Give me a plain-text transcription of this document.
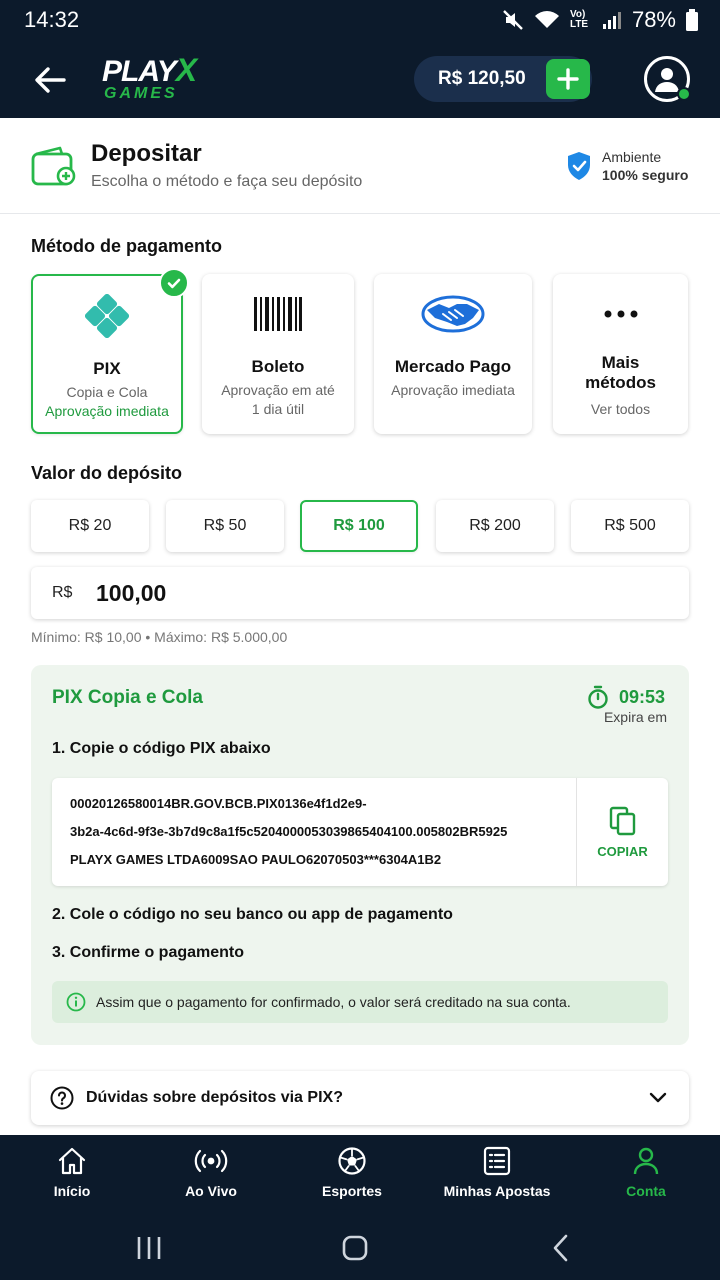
14:32	Vo) LTE 78%
PLAYX
GAMES
R$ 120,50
Depositar
Escolha o método e faça seu depósito
Ambiente
100% seguro
Método de pagamento
PIX
Copia e Cola
Aprovação imediata
Boleto
Aprovação em até
1 dia útil
Mercado Pago
Aprovação imediata
Mais
métodos
Ver todos
Valor do depósito
R$ 20	R$ 50	R$ 100	R$ 200	R$ 500
R$	100,00
Mínimo: R$ 10,00 • Máximo: R$ 5.000,00
PIX Copia e Cola	09:53
Expira em
1. Copie o código PIX abaixo
00020126580014BR.GOV.BCB.PIX0136e4f1d2e9-
3b2a-4c6d-9f3e-3b7d9c8a1f5c5204000053039865404100.005802BR5925
PLAYX GAMES LTDA6009SAO PAULO62070503***6304A1B2
COPIAR
2. Cole o código no seu banco ou app de pagamento
3. Confirme o pagamento
Assim que o pagamento for confirmado, o valor será creditado na sua conta.
Dúvidas sobre depósitos via PIX?
Início	Ao Vivo	Esportes	Minhas Apostas	Conta
